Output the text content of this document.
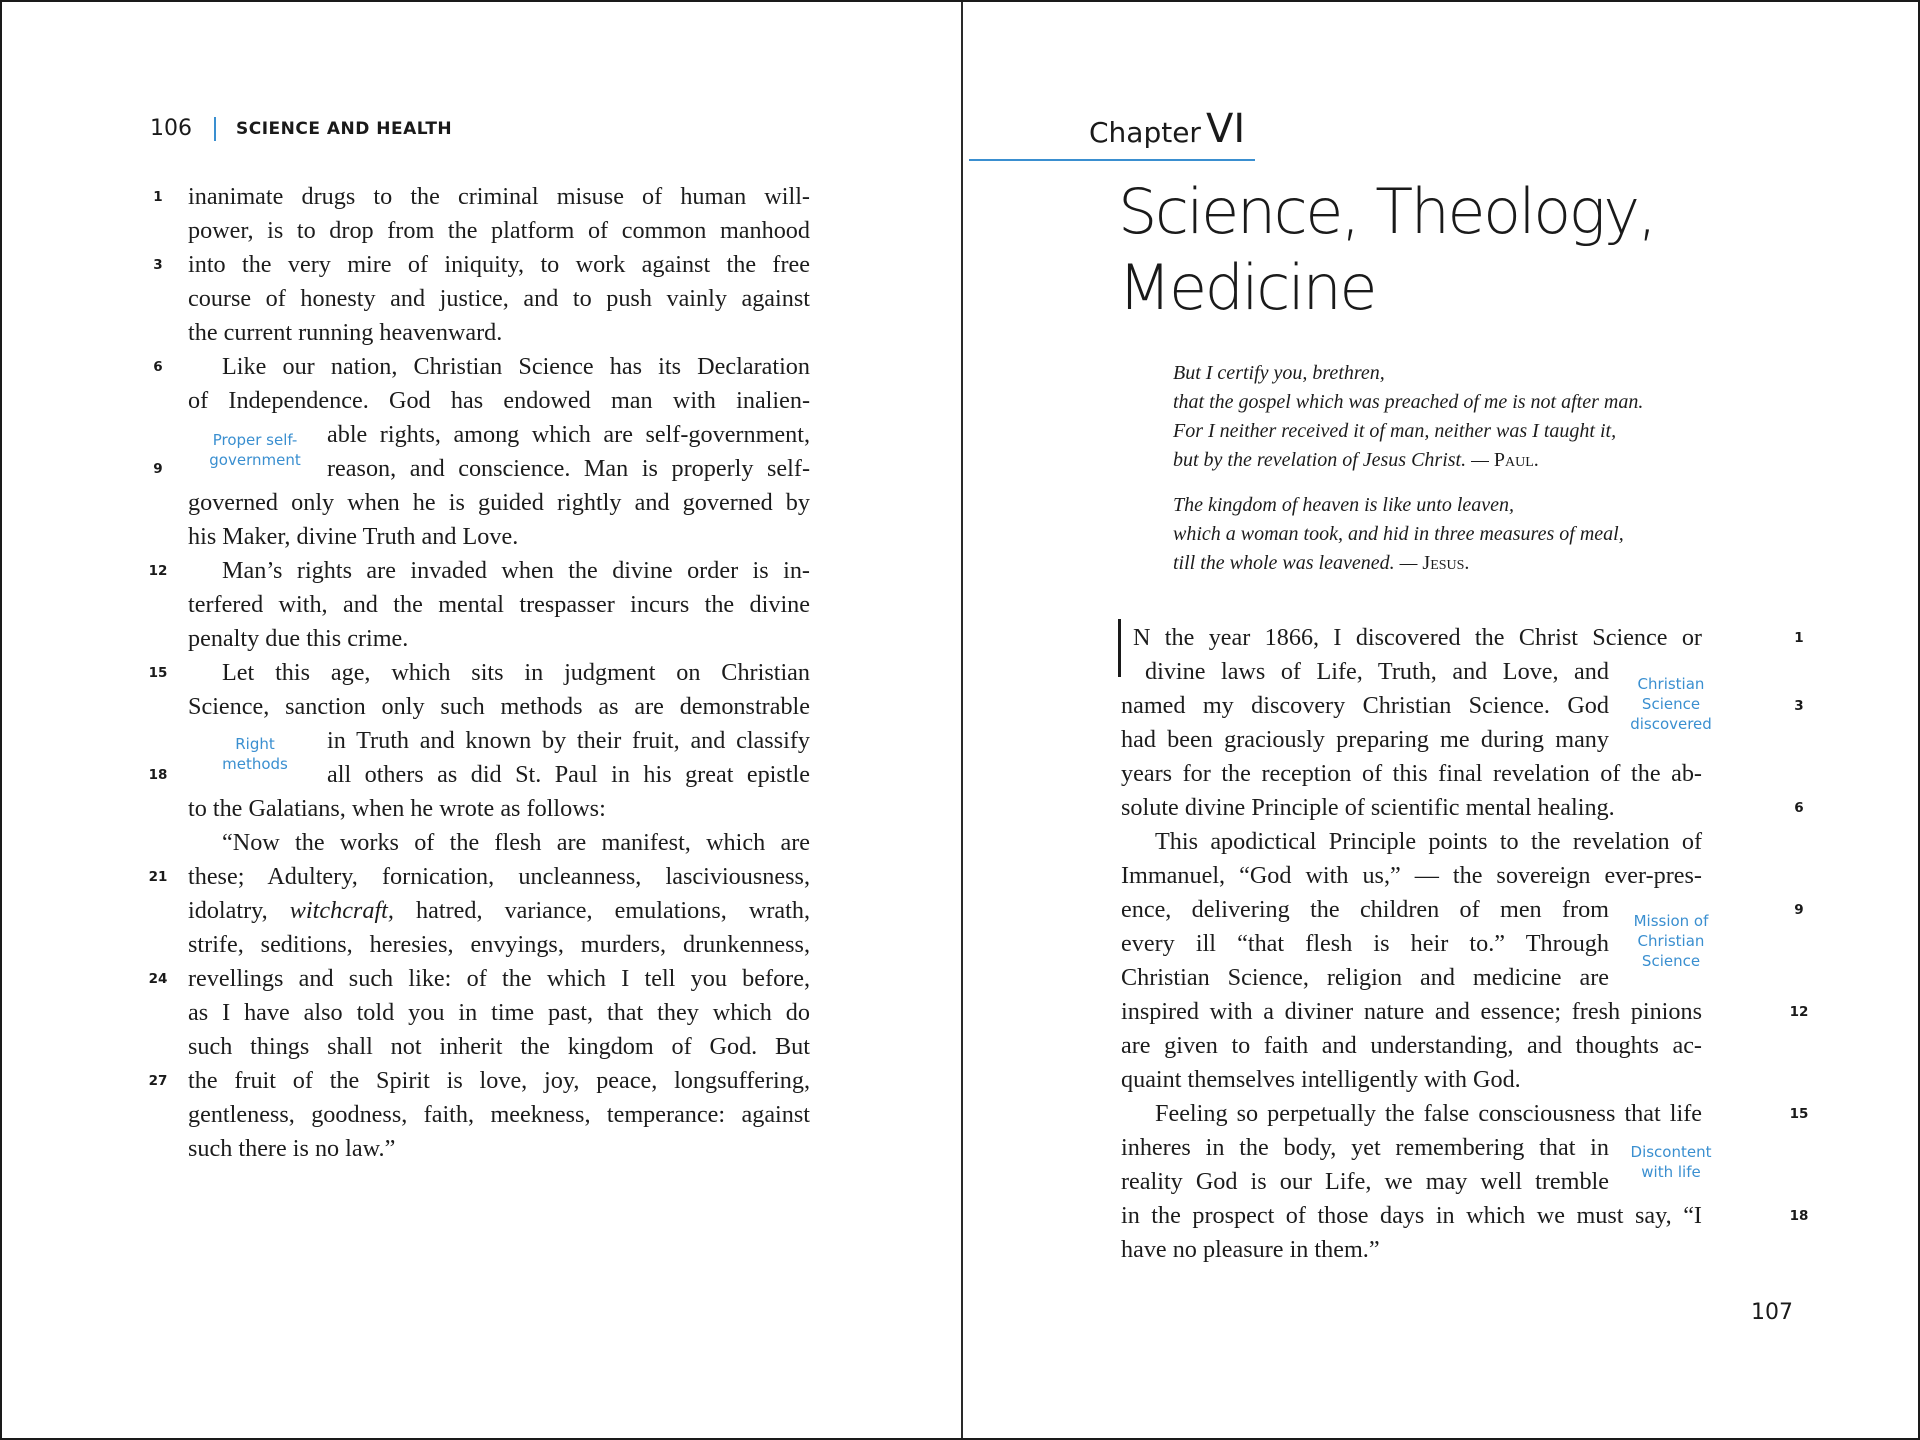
106	SCIENCE AND HEALTH
inanimate drugs to the criminal misuse of human will-
1
power, is to drop from the platform of common manhood
into the very mire of iniquity, to work against the free
3
course of honesty and justice, and to push vainly against
the current running heavenward.
Like our nation, Christian Science has its Declaration
6
of Independence. God has endowed man with inalien-
able rights, among which are self-government,
reason, and conscience. Man is properly self-
9
governed only when he is guided rightly and governed by
his Maker, divine Truth and Love.
Man’s rights are invaded when the divine order is in-
12
terfered with, and the mental trespasser incurs the divine
penalty due this crime.
Let this age, which sits in judgment on Christian
15
Science, sanction only such methods as are demonstrable
in Truth and known by their fruit, and classify
all others as did St. Paul in his great epistle
18
to the Galatians, when he wrote as follows:
“Now the works of the flesh are manifest, which are
these; Adultery, fornication, uncleanness, lasciviousness,
21
idolatry, witchcraft, hatred, variance, emulations, wrath,
strife, seditions, heresies, envyings, murders, drunkenness,
revellings and such like: of the which I tell you before,
24
as I have also told you in time past, that they which do
such things shall not inherit the kingdom of God. But
the fruit of the Spirit is love, joy, peace, longsuffering,
27
gentleness, goodness, faith, meekness, temperance: against
such there is no law.”
Proper self-
government
Right
methods
Chapter VI
Science, Theology,
Medicine
But I certify you, brethren,
that the gospel which was preached of me is not after man.
For I neither received it of man, neither was I taught it,
but by the revelation of Jesus Christ. — Paul.
The kingdom of heaven is like unto leaven,
which a woman took, and hid in three measures of meal,
till the whole was leavened. — Jesus.
N the year 1866, I discovered the Christ Science or	1
divine laws of Life, Truth, and Love, and
named my discovery Christian Science. God	3
had been graciously preparing me during many
years for the reception of this final revelation of the ab-
solute divine Principle of scientific mental healing.	6
This apodictical Principle points to the revelation of
Immanuel, “God with us,” — the sovereign ever-pres-
ence, delivering the children of men from	9
every ill “that flesh is heir to.” Through
Christian Science, religion and medicine are
inspired with a diviner nature and essence; fresh pinions	12
are given to faith and understanding, and thoughts ac-
quaint themselves intelligently with God.
Feeling so perpetually the false consciousness that life	15
inheres in the body, yet remembering that in
reality God is our Life, we may well tremble
in the prospect of those days in which we must say, “I	18
have no pleasure in them.”
Christian
Science
discovered
Mission of
Christian
Science
Discontent
with life
107
